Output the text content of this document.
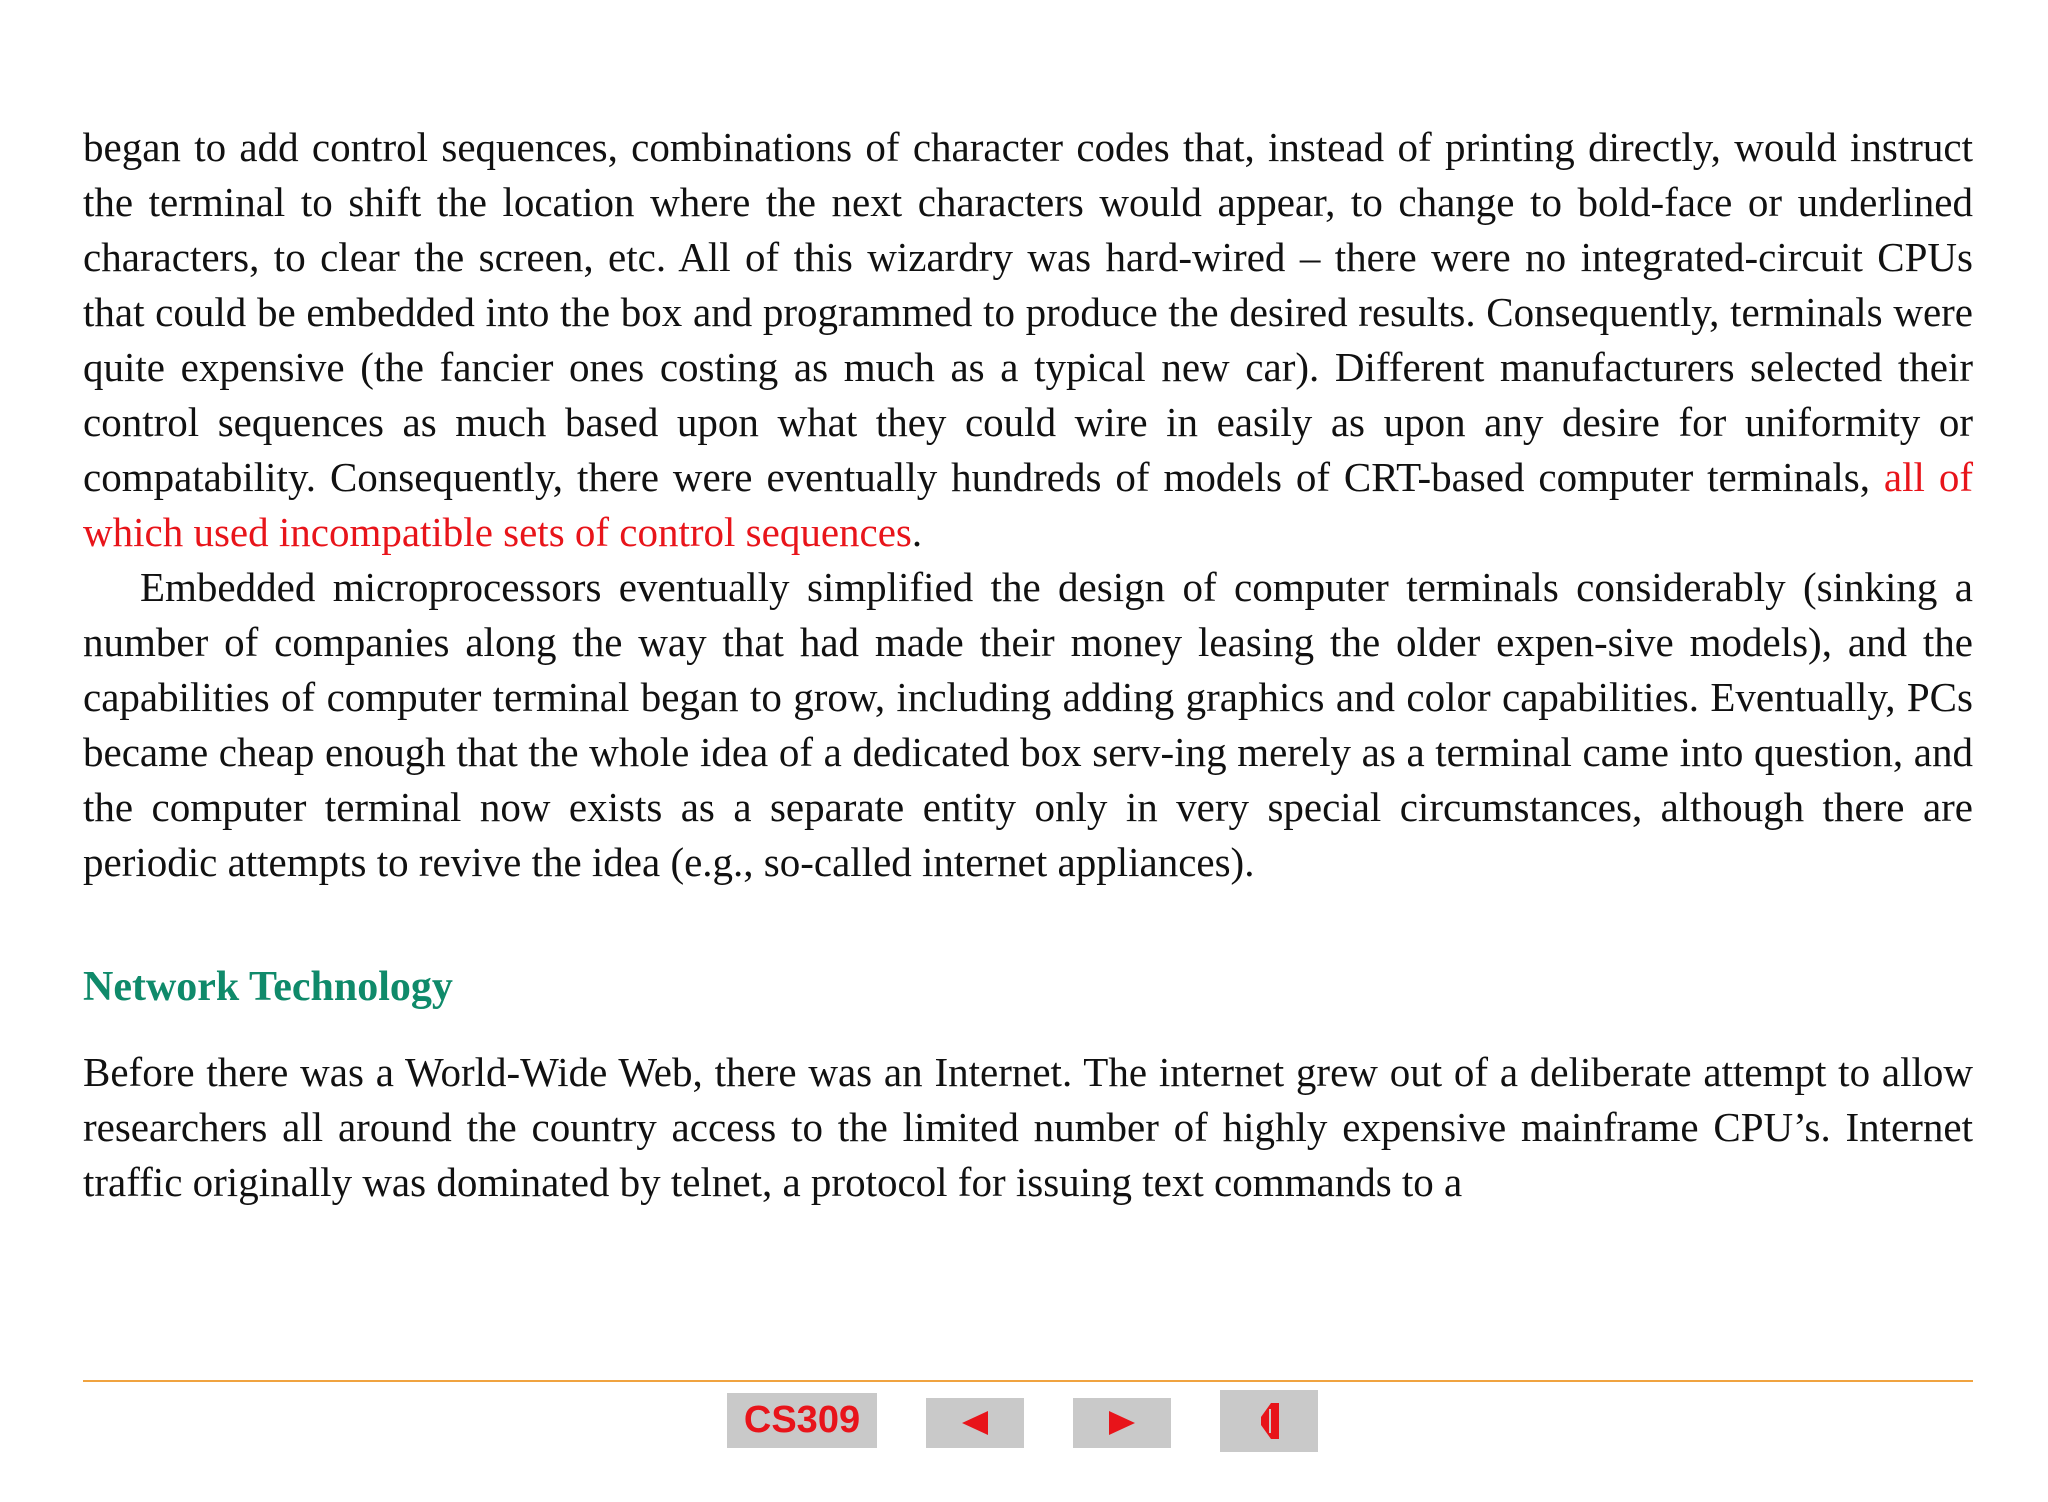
began to add control sequences, combinations of character codes that, instead of printing directly, would instruct the terminal to shift the location where the next characters would appear, to change to bold-face or underlined characters, to clear the screen, etc. All of this wizardry was hard-wired – there were no integrated-circuit CPUs that could be embedded into the box and programmed to produce the desired results. Consequently, terminals were quite expensive (the fancier ones costing as much as a typical new car). Different manufacturers selected their control sequences as much based upon what they could wire in easily as upon any desire for uniformity or compatability. Consequently, there were eventually hundreds of models of CRT-based computer terminals, all of which used incompatible sets of control sequences.

Embedded microprocessors eventually simplified the design of computer terminals considerably (sinking a number of companies along the way that had made their money leasing the older expen-sive models), and the capabilities of computer terminal began to grow, including adding graphics and color capabilities. Eventually, PCs became cheap enough that the whole idea of a dedicated box serv-ing merely as a terminal came into question, and the computer terminal now exists as a separate entity only in very special circumstances, although there are periodic attempts to revive the idea (e.g., so-called internet appliances).

Network Technology

Before there was a World-Wide Web, there was an Internet. The internet grew out of a deliberate attempt to allow researchers all around the country access to the limited number of highly expensive mainframe CPU’s. Internet traffic originally was dominated by telnet, a protocol for issuing text commands to a

CS309
